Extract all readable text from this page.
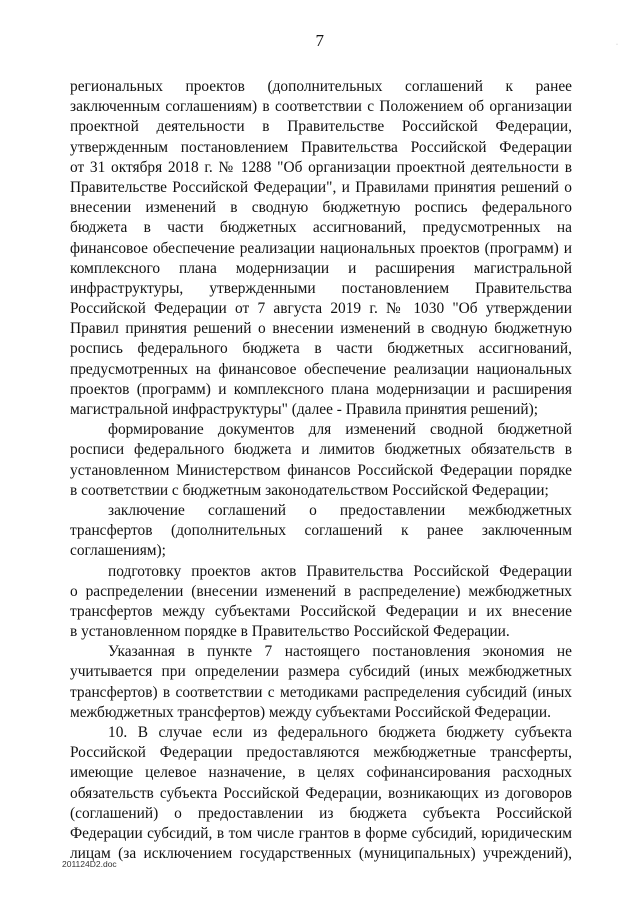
7	·
региональных проектов (дополнительных соглашений к ранее
заключенным соглашениям) в соответствии с Положением об организации
проектной деятельности в Правительстве Российской Федерации,
утвержденным постановлением Правительства Российской Федерации
от 31 октября 2018 г. № 1288 "Об организации проектной деятельности в
Правительстве Российской Федерации", и Правилами принятия решений о
внесении изменений в сводную бюджетную роспись федерального
бюджета в части бюджетных ассигнований, предусмотренных на
финансовое обеспечение реализации национальных проектов (программ) и
комплексного плана модернизации и расширения магистральной
инфраструктуры, утвержденными постановлением Правительства
Российской Федерации от 7 августа 2019 г. № 1030 "Об утверждении
Правил принятия решений о внесении изменений в сводную бюджетную
роспись федерального бюджета в части бюджетных ассигнований,
предусмотренных на финансовое обеспечение реализации национальных
проектов (программ) и комплексного плана модернизации и расширения
магистральной инфраструктуры" (далее - Правила принятия решений);
формирование документов для изменений сводной бюджетной
росписи федерального бюджета и лимитов бюджетных обязательств в
установленном Министерством финансов Российской Федерации порядке
в соответствии с бюджетным законодательством Российской Федерации;
заключение соглашений о предоставлении межбюджетных
трансфертов (дополнительных соглашений к ранее заключенным
соглашениям);
подготовку проектов актов Правительства Российской Федерации
о распределении (внесении изменений в распределение) межбюджетных
трансфертов между субъектами Российской Федерации и их внесение
в установленном порядке в Правительство Российской Федерации.
Указанная в пункте 7 настоящего постановления экономия не
учитывается при определении размера субсидий (иных межбюджетных
трансфертов) в соответствии с методиками распределения субсидий (иных
межбюджетных трансфертов) между субъектами Российской Федерации.
10. В случае если из федерального бюджета бюджету субъекта
Российской Федерации предоставляются межбюджетные трансферты,
имеющие целевое назначение, в целях софинансирования расходных
обязательств субъекта Российской Федерации, возникающих из договоров
(соглашений) о предоставлении из бюджета субъекта Российской
Федерации субсидий, в том числе грантов в форме субсидий, юридическим
лицам (за исключением государственных (муниципальных) учреждений),
201124D2.doc
